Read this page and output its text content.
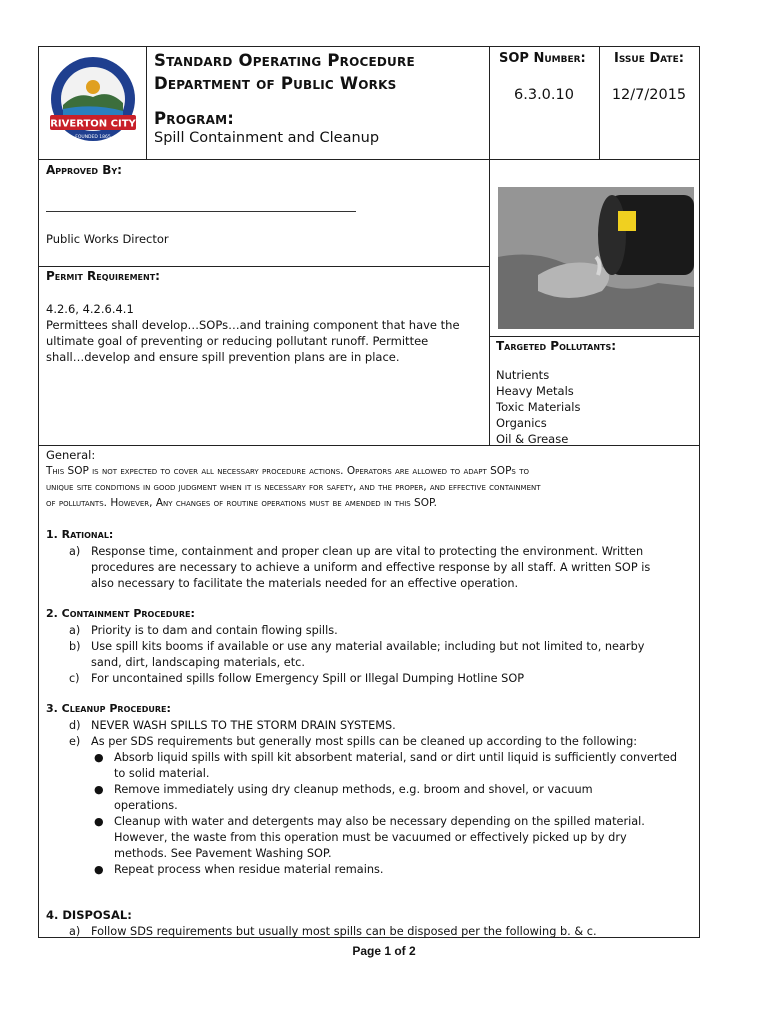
RIVERTON CITY
FOUNDED 1865
Standard Operating Procedure
Department of Public Works
Program:
Spill Containment and Cleanup
SOP Number:
6.3.0.10
Issue Date:
12/7/2015
Approved By:
Public Works Director
Permit Requirement:
4.2.6, 4.2.6.4.1
Permittees shall develop…SOPs…and training component that have the
ultimate goal of preventing or reducing pollutant runoff. Permittee
shall…develop and ensure spill prevention plans are in place.
Targeted Pollutants:
Nutrients
Heavy Metals
Toxic Materials
Organics
Oil & Grease
General:
This SOP is not expected to cover all necessary procedure actions. Operators are allowed to adapt SOPs to
unique site conditions in good judgment when it is necessary for safety, and the proper, and effective containment
of pollutants. However, Any changes of routine operations must be amended in this SOP.
1. Rational:
a) Response time, containment and proper clean up are vital to protecting the environment. Written
procedures are necessary to achieve a uniform and effective response by all staff. A written SOP is
also necessary to facilitate the materials needed for an effective operation.
2. Containment Procedure:
a) Priority is to dam and contain flowing spills.
b) Use spill kits booms if available or use any material available; including but not limited to, nearby
sand, dirt, landscaping materials, etc.
c) For uncontained spills follow Emergency Spill or Illegal Dumping Hotline SOP
3. Cleanup Procedure:
d) NEVER WASH SPILLS TO THE STORM DRAIN SYSTEMS.
e) As per SDS requirements but generally most spills can be cleaned up according to the following:
● Absorb liquid spills with spill kit absorbent material, sand or dirt until liquid is sufficiently converted
to solid material.
● Remove immediately using dry cleanup methods, e.g. broom and shovel, or vacuum
operations.
● Cleanup with water and detergents may also be necessary depending on the spilled material.
However, the waste from this operation must be vacuumed or effectively picked up by dry
methods. See Pavement Washing SOP.
● Repeat process when residue material remains.
4. DISPOSAL:
a) Follow SDS requirements but usually most spills can be disposed per the following b. & c.
Page 1 of 2
